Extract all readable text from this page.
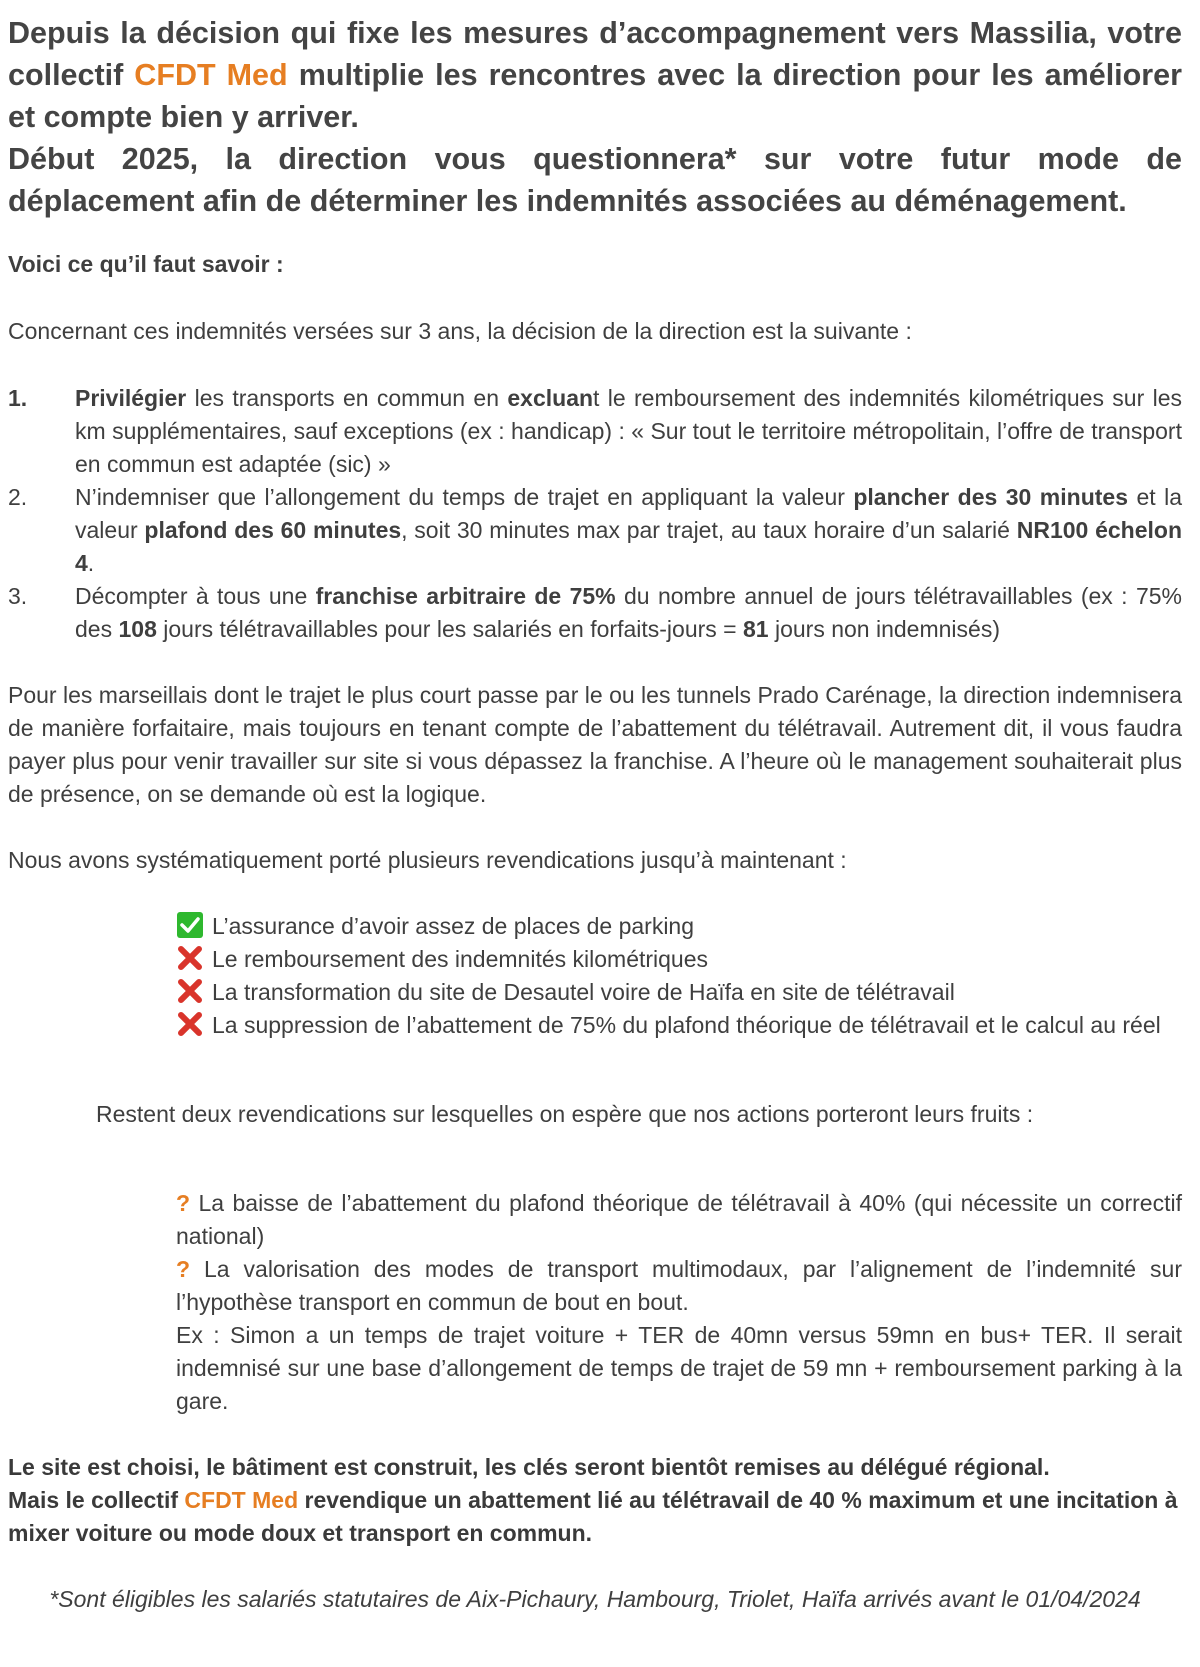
Depuis la décision qui fixe les mesures d’accompagnement vers Massilia, votre collectif CFDT Med multiplie les rencontres avec la direction pour les améliorer et compte bien y arriver.

Début 2025, la direction vous questionnera* sur votre futur mode de déplacement afin de déterminer les indemnités associées au déménagement.

Voici ce qu’il faut savoir :

Concernant ces indemnités versées sur 3 ans, la décision de la direction est la suivante :

1. Privilégier les transports en commun en excluant le remboursement des indemnités kilométriques sur les km supplémentaires, sauf exceptions (ex : handicap) : « Sur tout le territoire métropolitain, l’offre de transport en commun est adaptée (sic) »
2. N’indemniser que l’allongement du temps de trajet en appliquant la valeur plancher des 30 minutes et la valeur plafond des 60 minutes, soit 30 minutes max par trajet, au taux horaire d’un salarié NR100 échelon 4.
3. Décompter à tous une franchise arbitraire de 75% du nombre annuel de jours télétravaillables (ex : 75% des 108 jours télétravaillables pour les salariés en forfaits-jours = 81 jours non indemnisés)

Pour les marseillais dont le trajet le plus court passe par le ou les tunnels Prado Carénage, la direction indemnisera de manière forfaitaire, mais toujours en tenant compte de l’abattement du télétravail. Autrement dit, il vous faudra payer plus pour venir travailler sur site si vous dépassez la franchise. A l’heure où le management souhaiterait plus de présence, on se demande où est la logique.

Nous avons systématiquement porté plusieurs revendications jusqu’à maintenant :

L’assurance d’avoir assez de places de parking
Le remboursement des indemnités kilométriques
La transformation du site de Desautel voire de Haïfa en site de télétravail
La suppression de l’abattement de 75% du plafond théorique de télétravail et le calcul au réel

Restent deux revendications sur lesquelles on espère que nos actions porteront leurs fruits :

? La baisse de l’abattement du plafond théorique de télétravail à 40% (qui nécessite un correctif national)
? La valorisation des modes de transport multimodaux, par l’alignement de l’indemnité sur l’hypothèse transport en commun de bout en bout.
Ex : Simon a un temps de trajet voiture + TER de 40mn versus 59mn en bus+ TER. Il serait indemnisé sur une base d’allongement de temps de trajet de 59 mn + remboursement parking à la gare.

Le site est choisi, le bâtiment est construit, les clés seront bientôt remises au délégué régional.

Mais le collectif CFDT Med revendique un abattement lié au télétravail de 40 % maximum et une incitation à mixer voiture ou mode doux et transport en commun.

*Sont éligibles les salariés statutaires de Aix-Pichaury, Hambourg, Triolet, Haïfa arrivés avant le 01/04/2024
